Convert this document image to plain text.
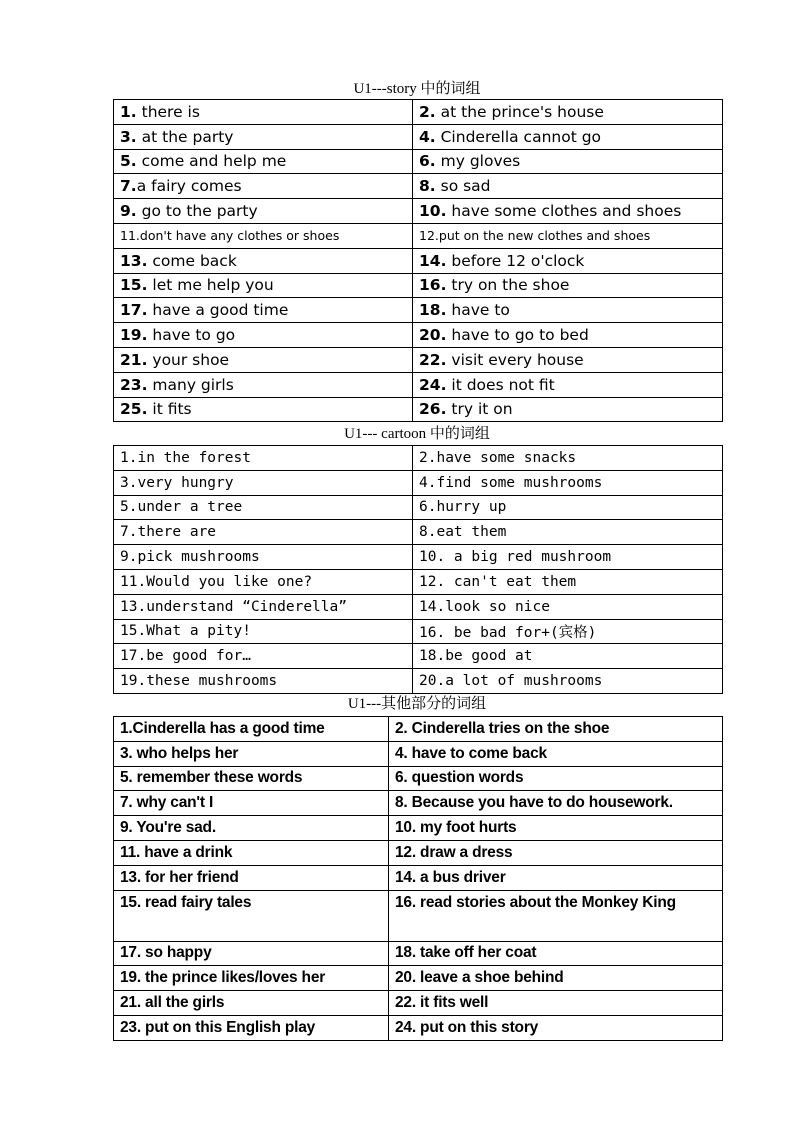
U1---story 中的词组
1. there is	2. at the prince's house
3. at the party	4. Cinderella cannot go
5. come and help me	6. my gloves
7.a fairy comes	8. so sad
9. go to the party	10. have some clothes and shoes
11.don't have any clothes or shoes	12.put on the new clothes and shoes
13. come back	14. before 12 o'clock
15. let me help you	16. try on the shoe
17. have a good time	18. have to
19. have to go	20. have to go to bed
21. your shoe	22. visit every house
23. many girls	24. it does not fit
25. it fits	26. try it on
U1--- cartoon 中的词组
1.in the forest	2.have some snacks
3.very hungry	4.find some mushrooms
5.under a tree	6.hurry up
7.there are	8.eat them
9.pick mushrooms	10. a big red mushroom
11.Would you like one?	12. can't eat them
13.understand “Cinderella”	14.look so nice
15.What a pity!	16. be bad for+(宾格)
17.be good for…	18.be good at
19.these mushrooms	20.a lot of mushrooms
U1---其他部分的词组
1.Cinderella has a good time	2. Cinderella tries on the shoe
3. who helps her	4. have to come back
5. remember these words	6. question words
7. why can't I	8. Because you have to do housework.
9. You're sad.	10. my foot hurts
11. have a drink	12. draw a dress
13. for her friend	14. a bus driver
15. read fairy tales	16. read stories about the Monkey King
17. so happy	18. take off her coat
19. the prince likes/loves her	20. leave a shoe behind
21. all the girls	22. it fits well
23. put on this English play	24. put on this story
